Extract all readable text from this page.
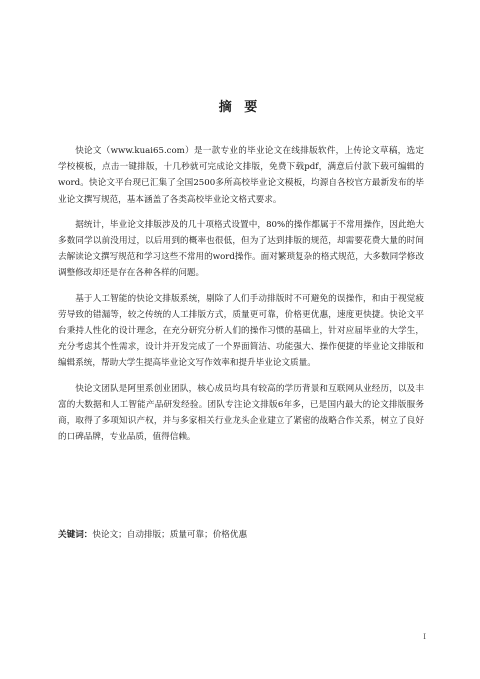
摘 要

快论文（www.kuai65.com）是一款专业的毕业论文在线排版软件，上传论文草稿，选定学校模板，点击一键排版，十几秒就可完成论文排版，免费下载pdf，满意后付款下载可编辑的word。快论文平台现已汇集了全国2500多所高校毕业论文模板，均源自各校官方最新发布的毕业论文撰写规范，基本涵盖了各类高校毕业论文格式要求。

据统计，毕业论文排版涉及的几十项格式设置中，80%的操作都属于不常用操作，因此绝大多数同学以前没用过，以后用到的概率也很低，但为了达到排版的规范，却需要花费大量的时间去解读论文撰写规范和学习这些不常用的word操作。面对繁琐复杂的格式规范，大多数同学修改调整修改却还是存在各种各样的问题。

基于人工智能的快论文排版系统，剔除了人们手动排版时不可避免的误操作，和由于视觉疲劳导致的错漏等，较之传统的人工排版方式，质量更可靠，价格更优惠，速度更快捷。快论文平台秉持人性化的设计理念，在充分研究分析人们的操作习惯的基础上，针对应届毕业的大学生，充分考虑其个性需求，设计并开发完成了一个界面简洁、功能强大、操作便捷的毕业论文排版和编辑系统，帮助大学生提高毕业论文写作效率和提升毕业论文质量。

快论文团队是阿里系创业团队，核心成员均具有较高的学历背景和互联网从业经历，以及丰富的大数据和人工智能产品研发经验。团队专注论文排版6年多，已是国内最大的论文排版服务商，取得了多项知识产权，并与多家相关行业龙头企业建立了紧密的战略合作关系，树立了良好的口碑品牌，专业品质，值得信赖。

关键词：快论文；自动排版；质量可靠；价格优惠
I
